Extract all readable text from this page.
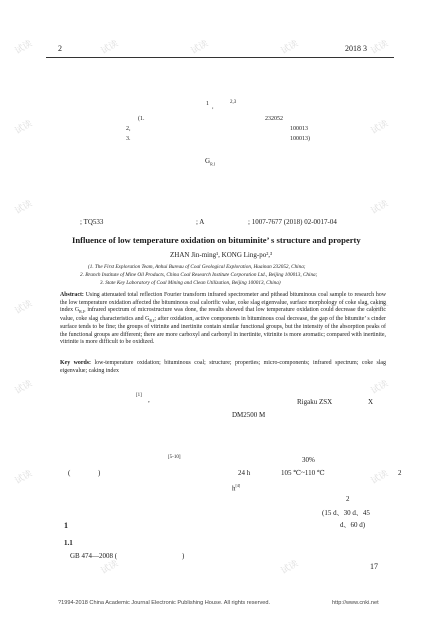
试读	试读	试读	试读	试读
试读	试读
试读	试读
试读	试读
试读	试读
试读	试读
试读	试读
2	2018 3
1 ,
2,3
(1.	232052
2,	100013
3.	100013)
$G_{R.I}$
; TQ533	; A	; 1007-7677 (2018) 02-0017-04
Influence of low temperature oxidation on bituminite’ s structure and property
ZHAN Jin-ming¹, KONG Ling-po²,³
(1. The First Exploration Team, Anhui Bureau of Coal Geological Exploration, Huainan 232052, China;
2. Branch Institute of Mine Oil Products, China Coal Research Institute Corporation Ltd., Beijing 100013, China;
3. State Key Laboratory of Coal Mining and Clean Utilization, Beijing 100013, China)
Abstract: Using attenuated total reflection Fourier transform infrared spectrometer and pithead bituminous coal sample to research how the low temperature oxidation affected the bituminous coal calorific value, coke slag eigenvalue, surface morphology of coke slag, caking index $G_{R.I}$, infrared spectrum of microstructure was done, the results showed that low temperature oxidation could decrease the calorific value, coke slag characteristics and $G_{R.I}$; after oxidation, active components in bituminous coal decrease, the gap of the bitumite’ s cinder surface tends to be fine; the groups of vitrinite and inertinite contain similar functional groups, but the intensity of the absorption peaks of the functional groups are different; there are more carboxyl and carbonyl in inertinite, vitrinite is more aromatic; compared with inertinite, vitrinite is more difficult to be oxidized.
Key words: low-temperature oxidation; bituminous coal; structure; properties; micro-components; infrared spectrum; coke slag eigenvalue; caking index
[1]
,	Rigaku ZSX	X
DM2500 M
[5-10]	30%
(	)	24 h	105 ℃~110 ℃	2
h[4]
2
(15 d、30 d、45
d、60 d)
1
1.1
GB 474—2008 (	)
17
?1994-2018 China Academic Journal Electronic Publishing House. All rights reserved.	http://www.cnki.net
